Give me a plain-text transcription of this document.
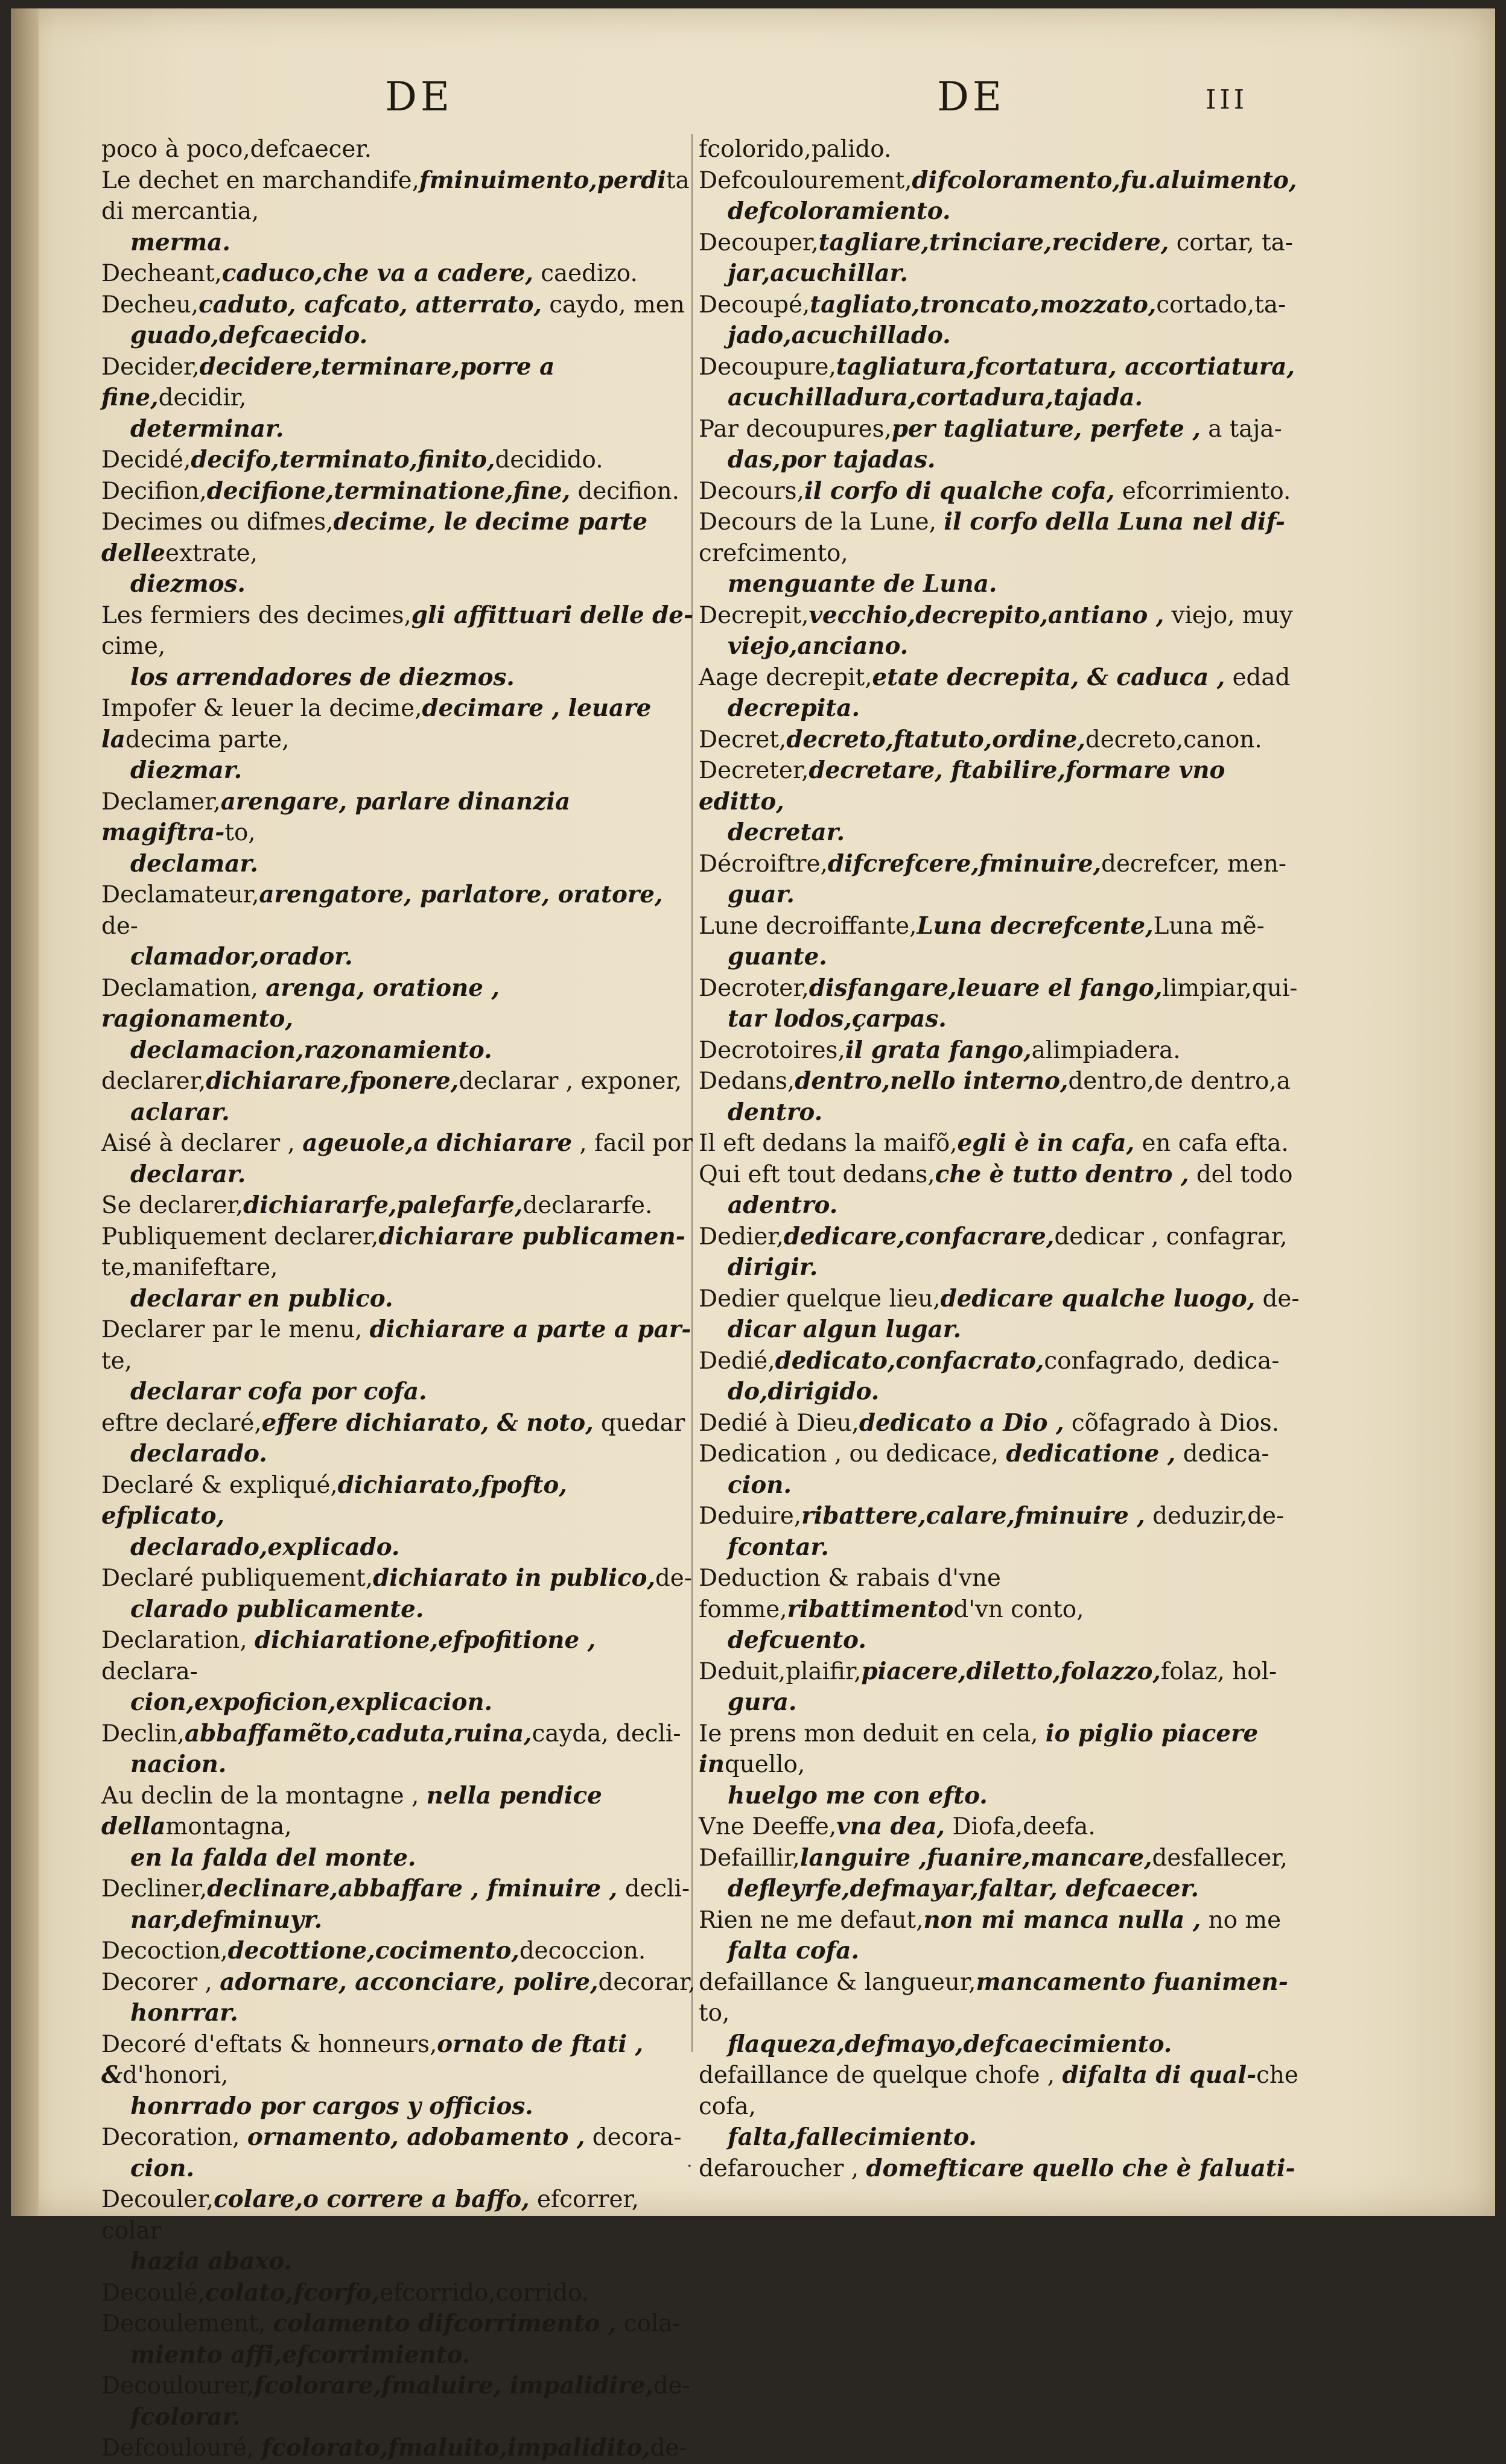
DE	DE	III
poco à poco,defcaecer.
Le dechet en marchandife,fminuimento,perdita di mercantia,
merma.
Decheant,caduco,che va a cadere, caedizo.
Decheu,caduto, cafcato, atterrato, caydo, men
guado,defcaecido.
Decider,decidere,terminare,porre a fine,decidir,
determinar.
Decidé,decifo,terminato,finito,decidido.
Decifion,decifione,terminatione,fine, decifion.
Decimes ou difmes,decime, le decime parte delleextrate,
diezmos.
Les fermiers des decimes,gli affittuari delle de-cime,
los arrendadores de diezmos.
Impofer & leuer la decime,decimare , leuare ladecima parte,
diezmar.
Declamer,arengare, parlare dinanzia magiftra-to,
declamar.
Declamateur,arengatore, parlatore, oratore, de-
clamador,orador.
Declamation, arenga, oratione , ragionamento,
declamacion,razonamiento.
declarer,dichiarare,fponere,declarar , exponer,
aclarar.
Aisé à declarer , ageuole,a dichiarare , facil por
declarar.
Se declarer,dichiararfe,palefarfe,declararfe.
Publiquement declarer,dichiarare publicamen-te,manifeftare,
declarar en publico.
Declarer par le menu, dichiarare a parte a par-te,
declarar cofa por cofa.
eftre declaré,effere dichiarato, & noto, quedar
declarado.
Declaré & expliqué,dichiarato,fpofto, efplicato,
declarado,explicado.
Declaré publiquement,dichiarato in publico,de-
clarado publicamente.
Declaration, dichiaratione,efpofitione , declara-
cion,expoficion,explicacion.
Declin,abbaffamẽto,caduta,ruina,cayda, decli-
nacion.
Au declin de la montagne , nella pendice dellamontagna,
en la falda del monte.
Decliner,declinare,abbaffare , fminuire , decli-
nar,defminuyr.
Decoction,decottione,cocimento,decoccion.
Decorer , adornare, acconciare, polire,decorar,
honrrar.
Decoré d'eftats & honneurs,ornato de ftati , &d'honori,
honrrado por cargos y officios.
Decoration, ornamento, adobamento , decora-
cion.
Decouler,colare,o correre a baffo, efcorrer, colar
hazia abaxo.
Decoulé,colato,fcorfo,efcorrido,corrido.
Decoulement, colamento difcorrimento , cola-
miento affi,efcorrimiento.
Decoulourer,fcolorare,fmaluire, impalidire,de-
fcolorar.
Defcoulouré, fcolorato,fmaluito,impalidito,de-
fcolorido,palido.
Defcoulourement,difcoloramento,fu.aluimento,
defcoloramiento.
Decouper,tagliare,trinciare,recidere, cortar, ta-
jar,acuchillar.
Decoupé,tagliato,troncato,mozzato,cortado,ta-
jado,acuchillado.
Decoupure,tagliatura,fcortatura, accortiatura,
acuchilladura,cortadura,tajada.
Par decoupures,per tagliature, perfete , a taja-
das,por tajadas.
Decours,il corfo di qualche cofa, efcorrimiento.
Decours de la Lune, il corfo della Luna nel dif-crefcimento,
menguante de Luna.
Decrepit,vecchio,decrepito,antiano , viejo, muy
viejo,anciano.
Aage decrepit,etate decrepita, & caduca , edad
decrepita.
Decret,decreto,ftatuto,ordine,decreto,canon.
Decreter,decretare, ftabilire,formare vno editto,
decretar.
Décroiftre,difcrefcere,fminuire,decrefcer, men-
guar.
Lune decroiffante,Luna decrefcente,Luna mẽ-
guante.
Decroter,disfangare,leuare el fango,limpiar,qui-
tar lodos,çarpas.
Decrotoires,il grata fango,alimpiadera.
Dedans,dentro,nello interno,dentro,de dentro,a
dentro.
Il eft dedans la maifõ,egli è in cafa, en cafa efta.
Qui eft tout dedans,che è tutto dentro , del todo
adentro.
Dedier,dedicare,confacrare,dedicar , confagrar,
dirigir.
Dedier quelque lieu,dedicare qualche luogo, de-
dicar algun lugar.
Dedié,dedicato,confacrato,confagrado, dedica-
do,dirigido.
Dedié à Dieu,dedicato a Dio , cõfagrado à Dios.
Dedication , ou dedicace, dedicatione , dedica-
cion.
Deduire,ribattere,calare,fminuire , deduzir,de-
fcontar.
Deduction & rabais d'vne fomme,ribattimentod'vn conto,
defcuento.
Deduit,plaifir,piacere,diletto,folazzo,folaz, hol-
gura.
Ie prens mon deduit en cela, io piglio piacere inquello,
huelgo me con efto.
Vne Deeffe,vna dea, Diofa,deefa.
Defaillir,languire ,fuanire,mancare,desfallecer,
defleyrfe,defmayar,faltar, defcaecer.
Rien ne me defaut,non mi manca nulla , no me
falta cofa.
defaillance & langueur,mancamento fuanimen-to,
flaqueza,defmayo,defcaecimiento.
defaillance de quelque chofe , difalta di qual-che cofa,
falta,fallecimiento.
defaroucher , domefticare quello che è faluati-
·
